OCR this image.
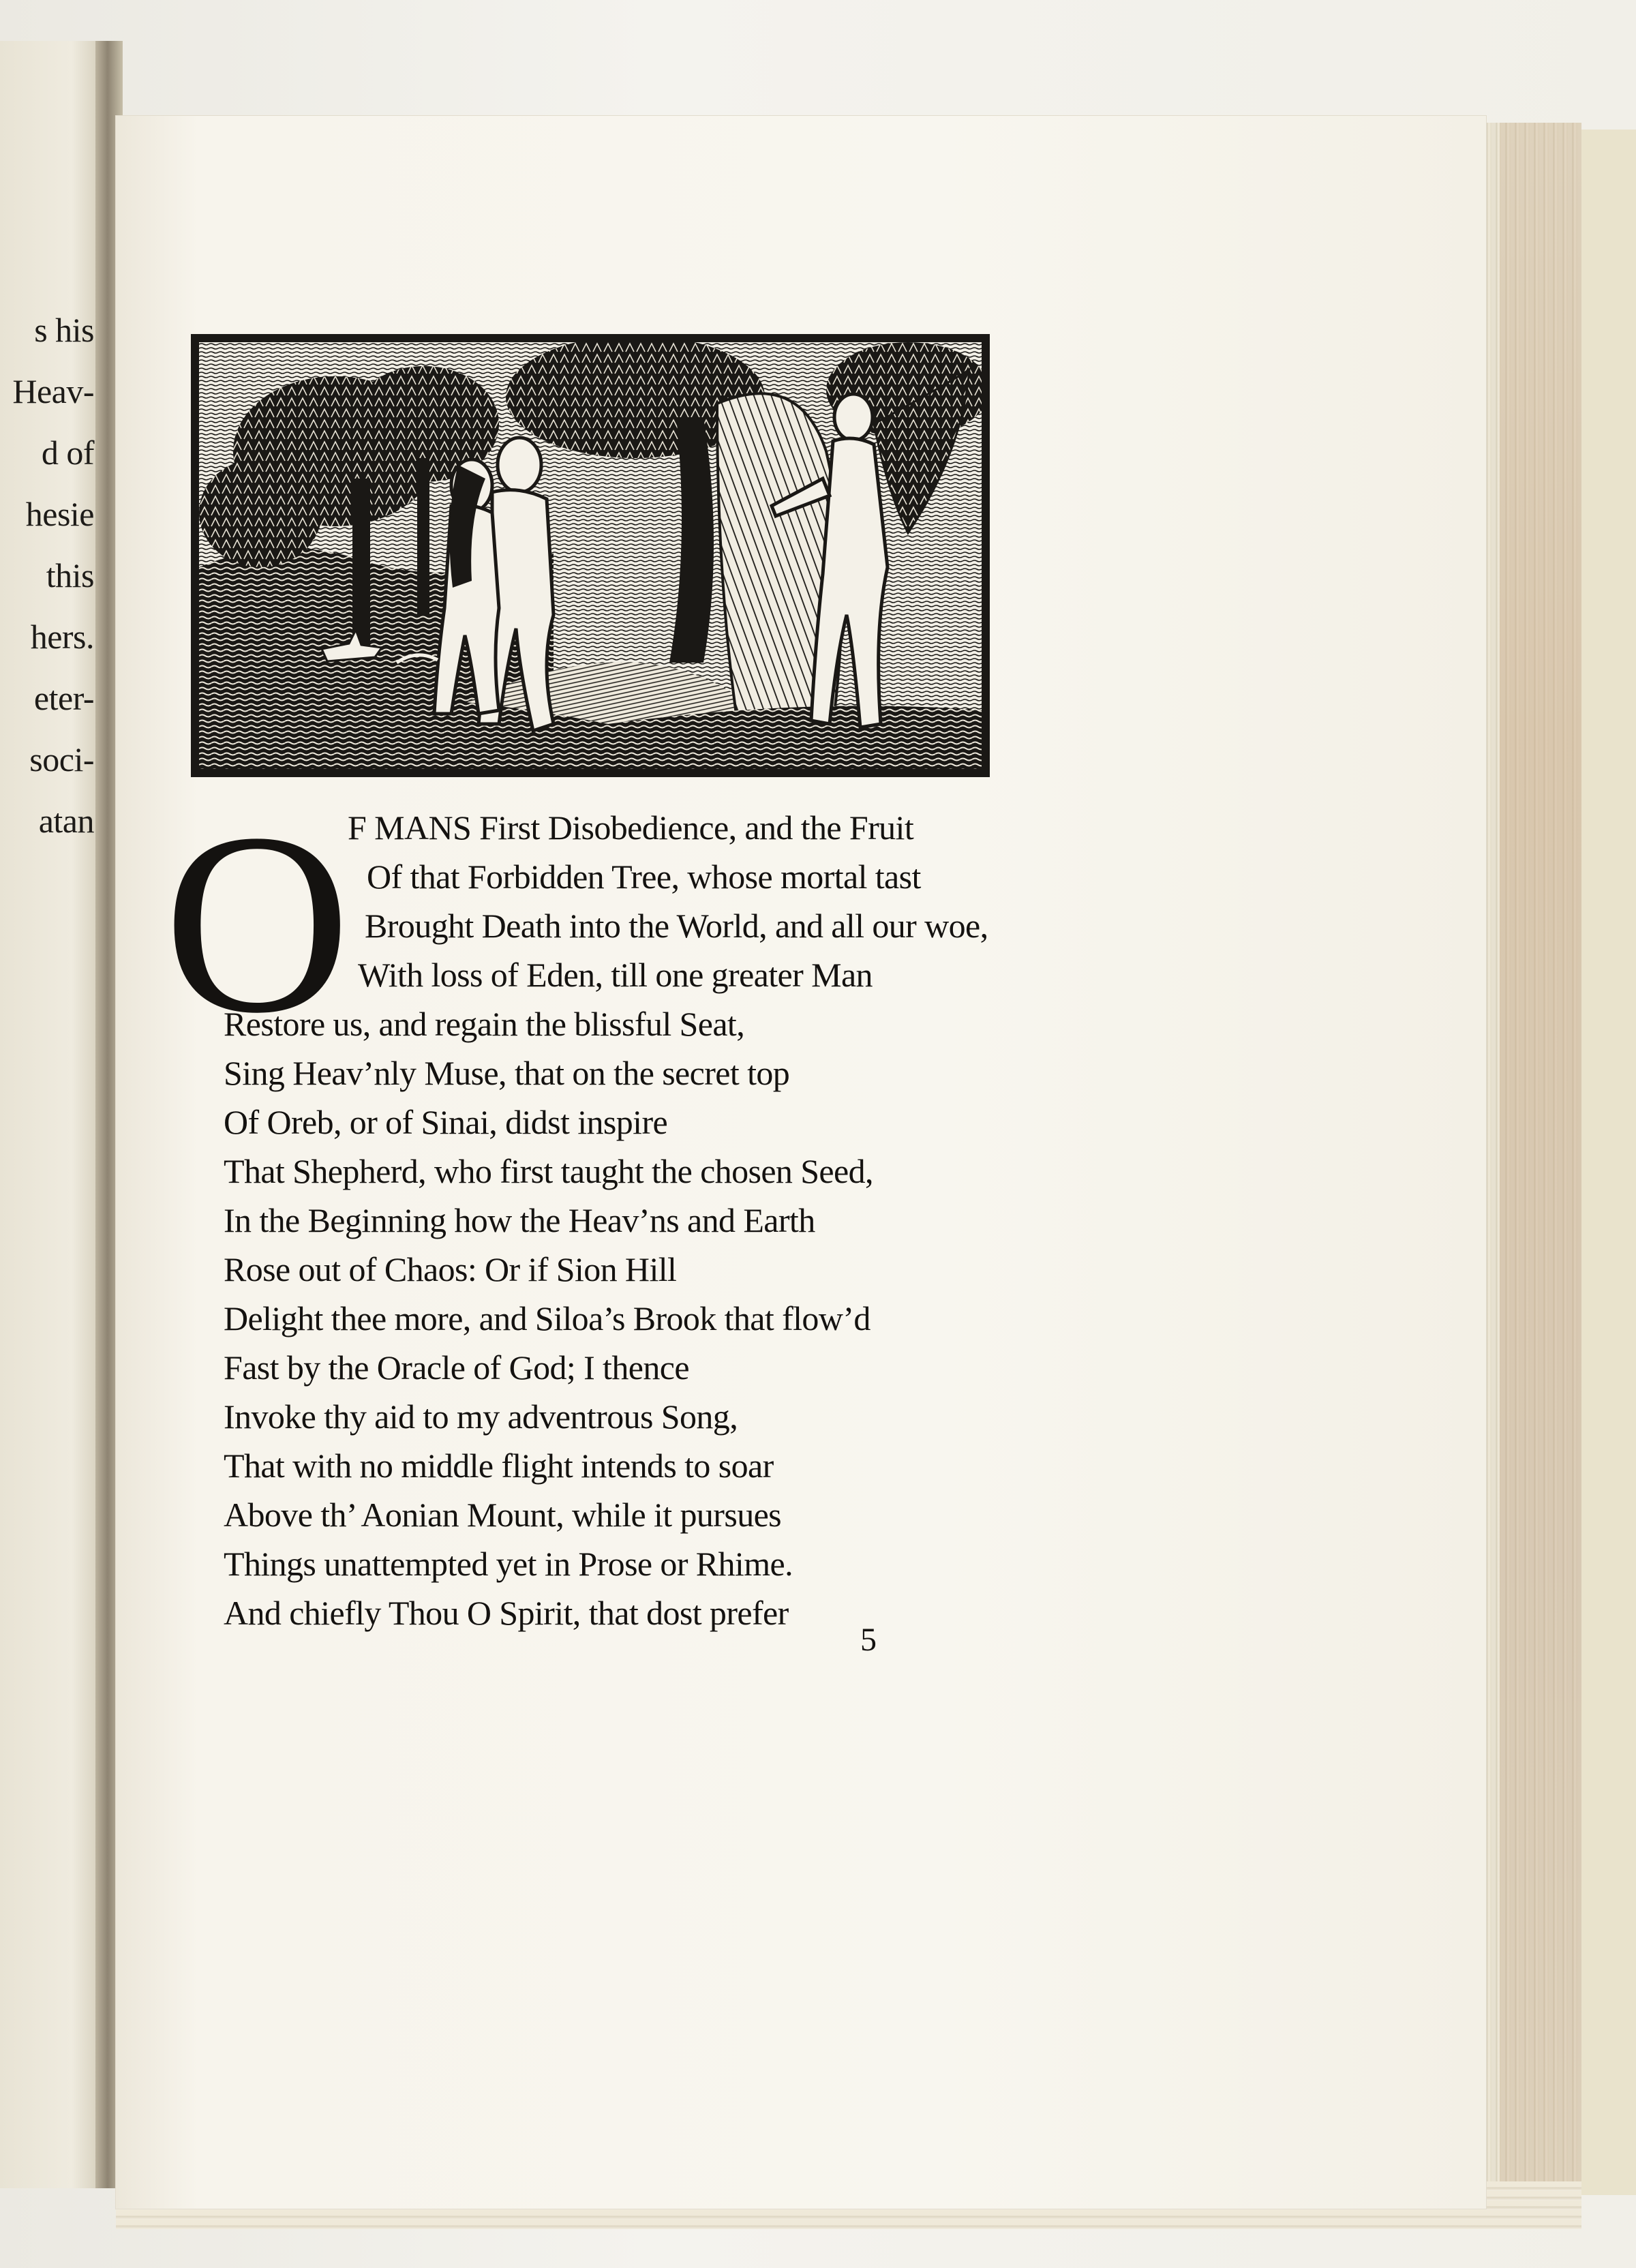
s his
Heav-
d of
hesie
this
hers.
eter-
soci-
atan
O

F MANS First Disobedience, and the Fruit

Of that Forbidden Tree, whose mortal tast

Brought Death into the World, and all our woe,

With loss of Eden, till one greater Man

Restore us, and regain the blissful Seat,

Sing Heav’nly Muse, that on the secret top

Of Oreb, or of Sinai, didst inspire

That Shepherd, who first taught the chosen Seed,

In the Beginning how the Heav’ns and Earth

Rose out of Chaos: Or if Sion Hill

Delight thee more, and Siloa’s Brook that flow’d

Fast by the Oracle of God; I thence

Invoke thy aid to my adventrous Song,

That with no middle flight intends to soar

Above th’ Aonian Mount, while it pursues

Things unattempted yet in Prose or Rhime.

And chiefly Thou O Spirit, that dost prefer

5
